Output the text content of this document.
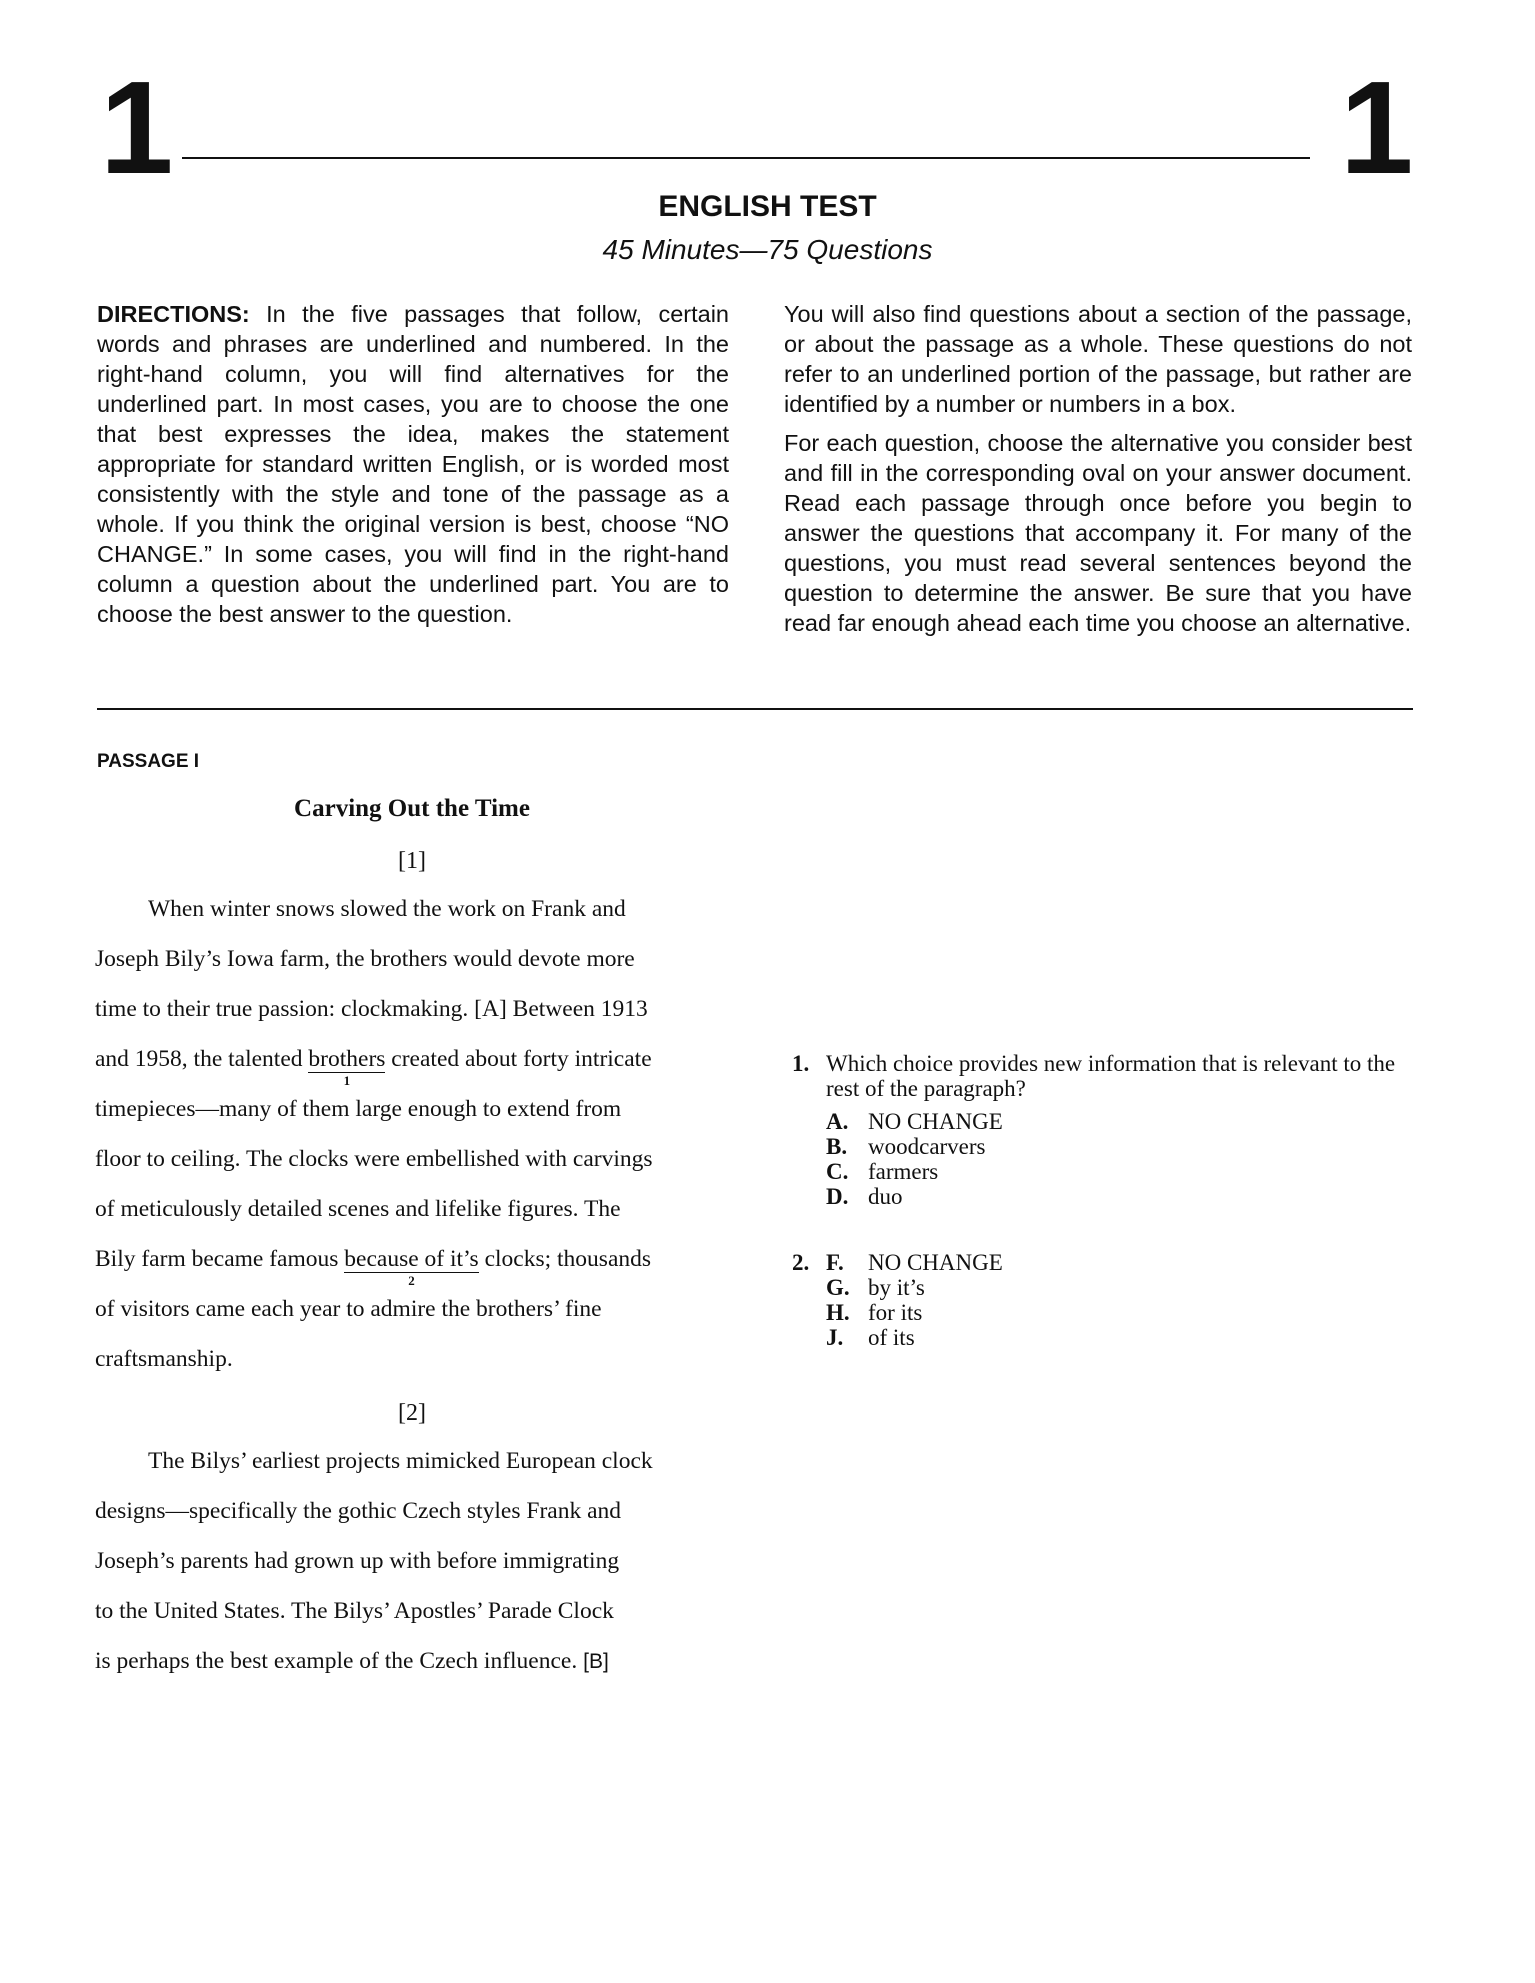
1	1
ENGLISH TEST
45 Minutes—75 Questions

DIRECTIONS: In the five passages that follow, certain words and phrases are underlined and numbered. In the right-hand column, you will find alternatives for the underlined part. In most cases, you are to choose the one that best expresses the idea, makes the statement appropriate for standard written English, or is worded most consistently with the style and tone of the passage as a whole. If you think the original version is best, choose “NO CHANGE.” In some cases, you will find in the right-hand column a question about the underlined part. You are to choose the best answer to the question.

You will also find questions about a section of the passage, or about the passage as a whole. These questions do not refer to an underlined portion of the passage, but rather are identified by a number or numbers in a box.

For each question, choose the alternative you consider best and fill in the corresponding oval on your answer document. Read each passage through once before you begin to answer the questions that accompany it. For many of the questions, you must read several sentences beyond the question to determine the answer. Be sure that you have read far enough ahead each time you choose an alternative.

PASSAGE I
Carving Out the Time
[1]
When winter snows slowed the work on Frank and
Joseph Bily’s Iowa farm, the brothers would devote more
time to their true passion: clockmaking. [A] Between 1913
and 1958, the talented brothers
1
created about forty intricate
timepieces—many of them large enough to extend from
floor to ceiling. The clocks were embellished with carvings
of meticulously detailed scenes and lifelike figures. The
Bily farm became famous because of it’s
2
clocks; thousands
of visitors came each year to admire the brothers’ fine
craftsmanship.
[2]
The Bilys’ earliest projects mimicked European clock
designs—specifically the gothic Czech styles Frank and
Joseph’s parents had grown up with before immigrating
to the United States. The Bilys’ Apostles’ Parade Clock
is perhaps the best example of the Czech influence. [B]
1. Which choice provides new information that is relevant to the rest of the paragraph?
A. NO CHANGE
B. woodcarvers
C. farmers
D. duo
2. F.	NO CHANGE
G. by it’s
H. for its
J.	of its
